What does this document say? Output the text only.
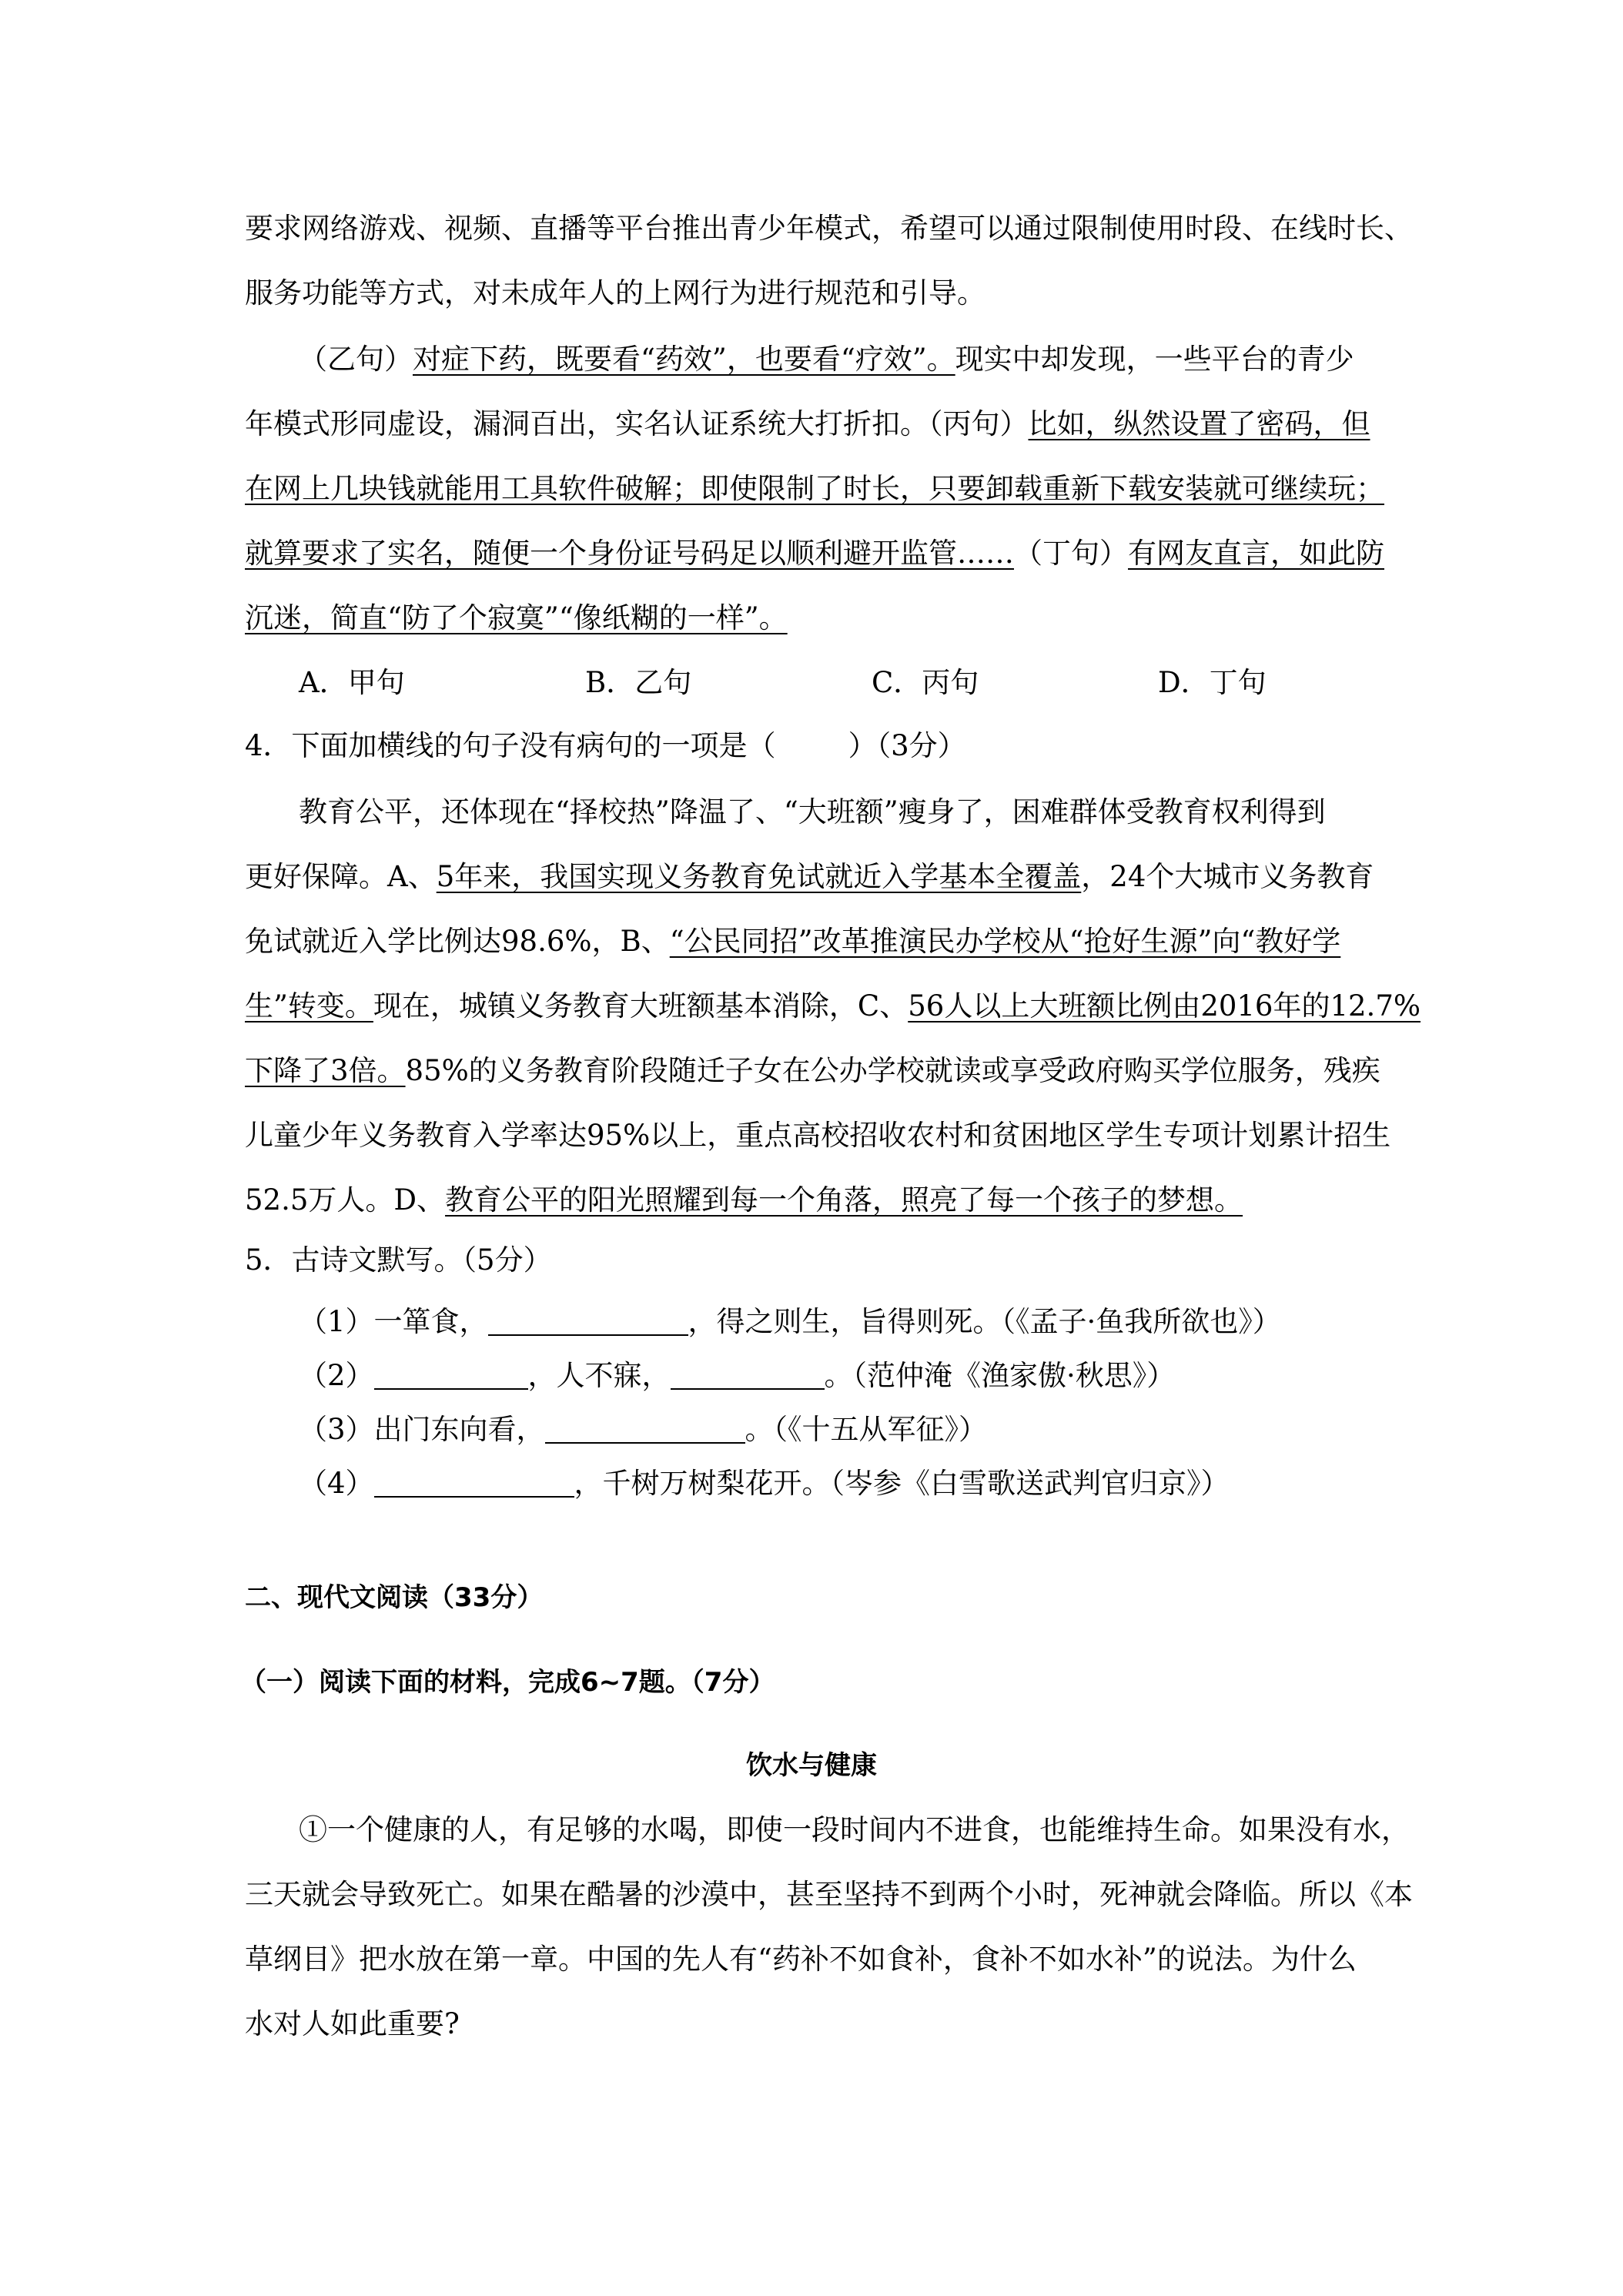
要求网络游戏、视频、直播等平台推出青少年模式，希望可以通过限制使用时段、在线时长、
服务功能等方式，对未成年人的上网行为进行规范和引导。
（乙句）对症下药，既要看“药效”，也要看“疗效”。现实中却发现，一些平台的青少
年模式形同虚设，漏洞百出，实名认证系统大打折扣。（丙句）比如，纵然设置了密码，但
在网上几块钱就能用工具软件破解；即使限制了时长，只要卸载重新下载安装就可继续玩；
就算要求了实名，随便一个身份证号码足以顺利避开监管……（丁句）有网友直言，如此防
沉迷，简直“防了个寂寞”“像纸糊的一样”。
A．甲句	B．乙句	C．丙句	D．丁句
4．下面加横线的句子没有病句的一项是（        ）（3分）
教育公平，还体现在“择校热”降温了、“大班额”瘦身了，困难群体受教育权利得到
更好保障。A、5年来，我国实现义务教育免试就近入学基本全覆盖，24个大城市义务教育
免试就近入学比例达98.6%，B、“公民同招”改革推演民办学校从“抢好生源”向“教好学
生”转变。现在，城镇义务教育大班额基本消除，C、56人以上大班额比例由2016年的12.7%
下降了3倍。85%的义务教育阶段随迁子女在公办学校就读或享受政府购买学位服务，残疾
儿童少年义务教育入学率达95%以上，重点高校招收农村和贫困地区学生专项计划累计招生
52.5万人。D、教育公平的阳光照耀到每一个角落，照亮了每一个孩子的梦想。
5．古诗文默写。（5分）
（1）一箪食，	，得之则生，旨得则死。（《孟子·鱼我所欲也》）
（2）	，人不寐，	。（范仲淹《渔家傲·秋思》）
（3）出门东向看，	。（《十五从军征》）
（4）	，千树万树梨花开。（岑参《白雪歌送武判官归京》）
二、现代文阅读（33分）
（一）阅读下面的材料，完成6~7题。（7分）
饮水与健康
①一个健康的人，有足够的水喝，即使一段时间内不进食，也能维持生命。如果没有水，
三天就会导致死亡。如果在酷暑的沙漠中，甚至坚持不到两个小时，死神就会降临。所以《本
草纲目》把水放在第一章。中国的先人有“药补不如食补，食补不如水补”的说法。为什么
水对人如此重要?
